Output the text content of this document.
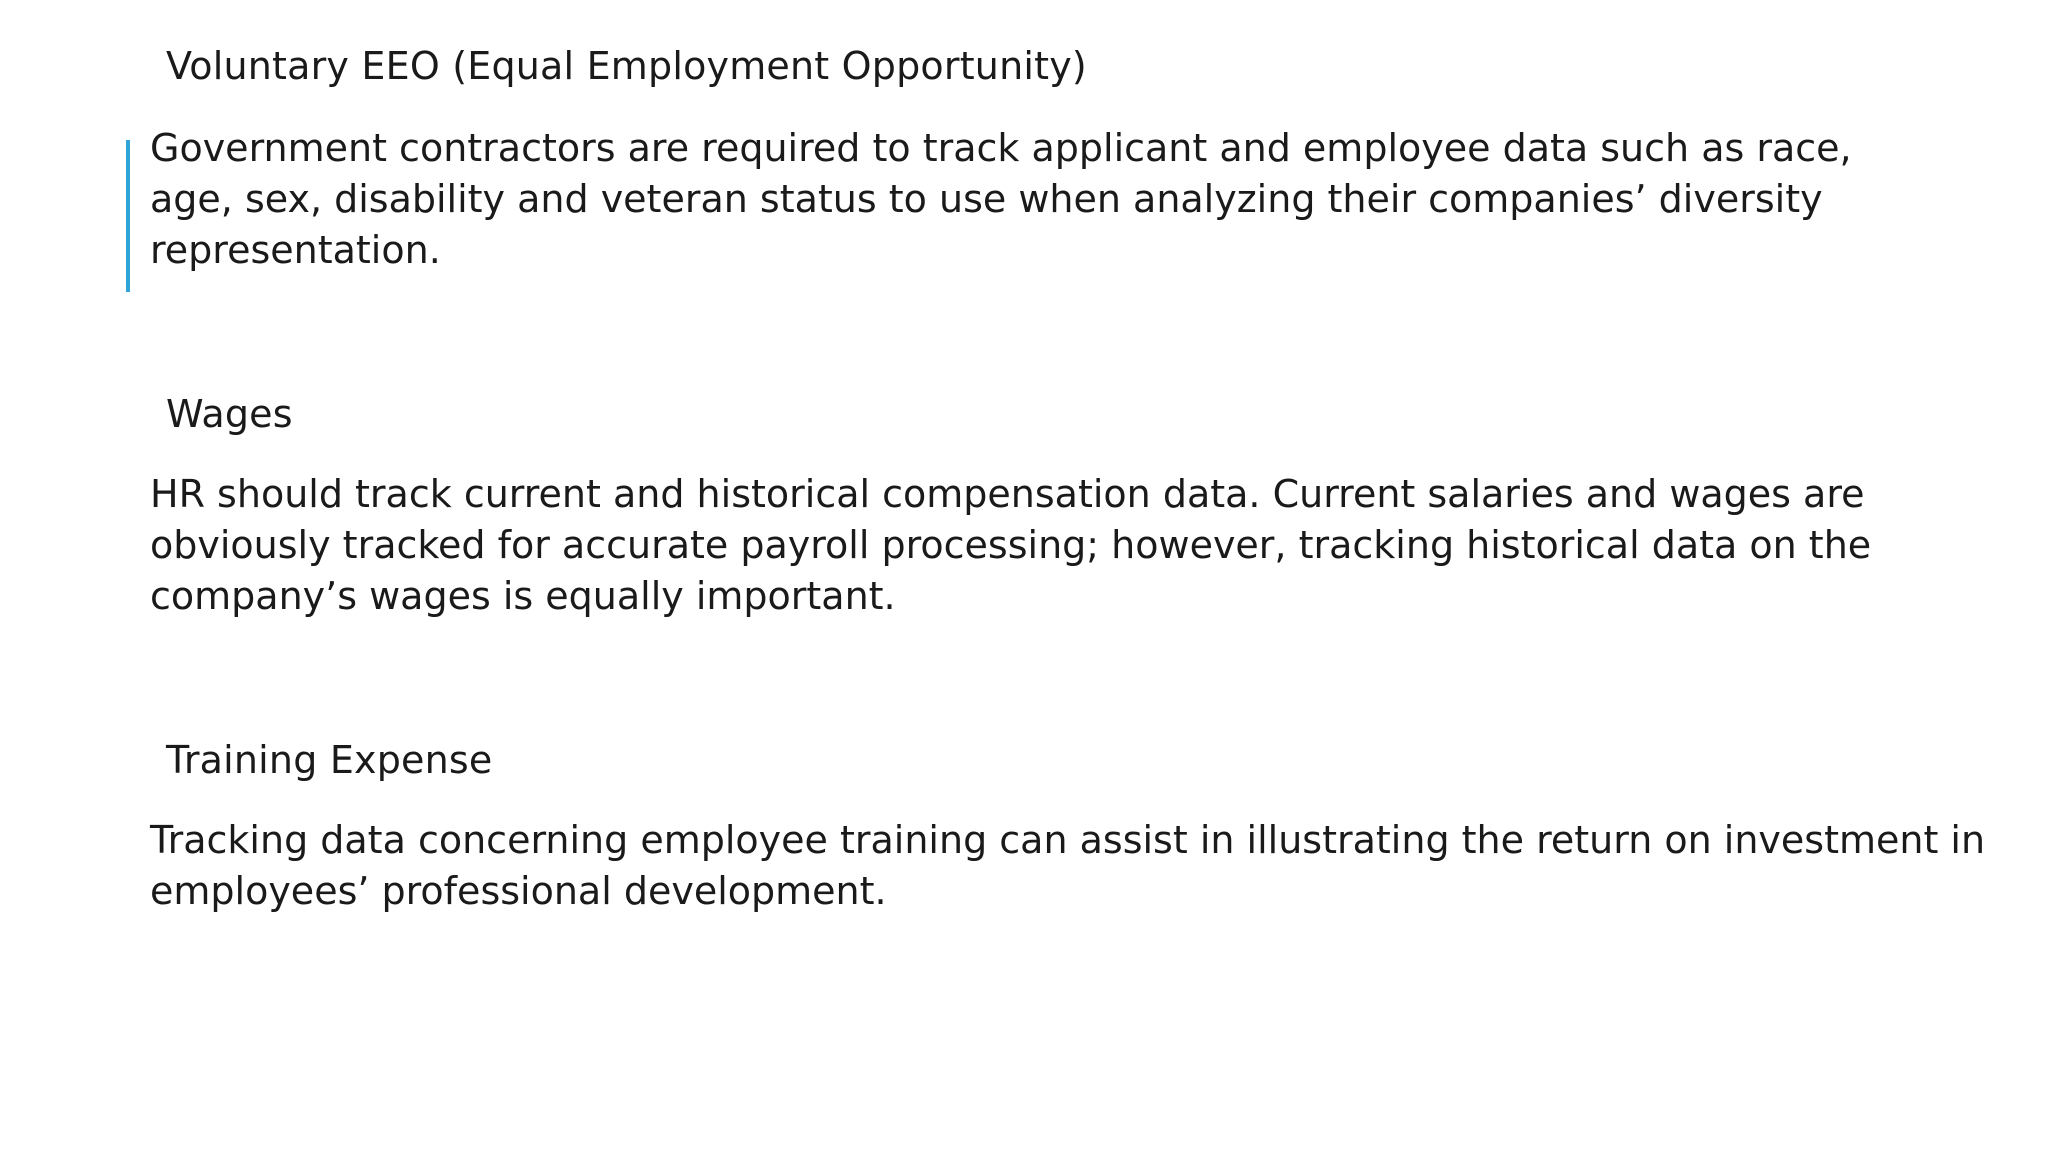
Voluntary EEO (Equal Employment Opportunity)
Government contractors are required to track applicant and employee data such as race,
age, sex, disability and veteran status to use when analyzing their companies’ diversity
representation.
Wages
HR should track current and historical compensation data. Current salaries and wages are
obviously tracked for accurate payroll processing; however, tracking historical data on the
company’s wages is equally important.
Training Expense
Tracking data concerning employee training can assist in illustrating the return on investment in
employees’ professional development.
